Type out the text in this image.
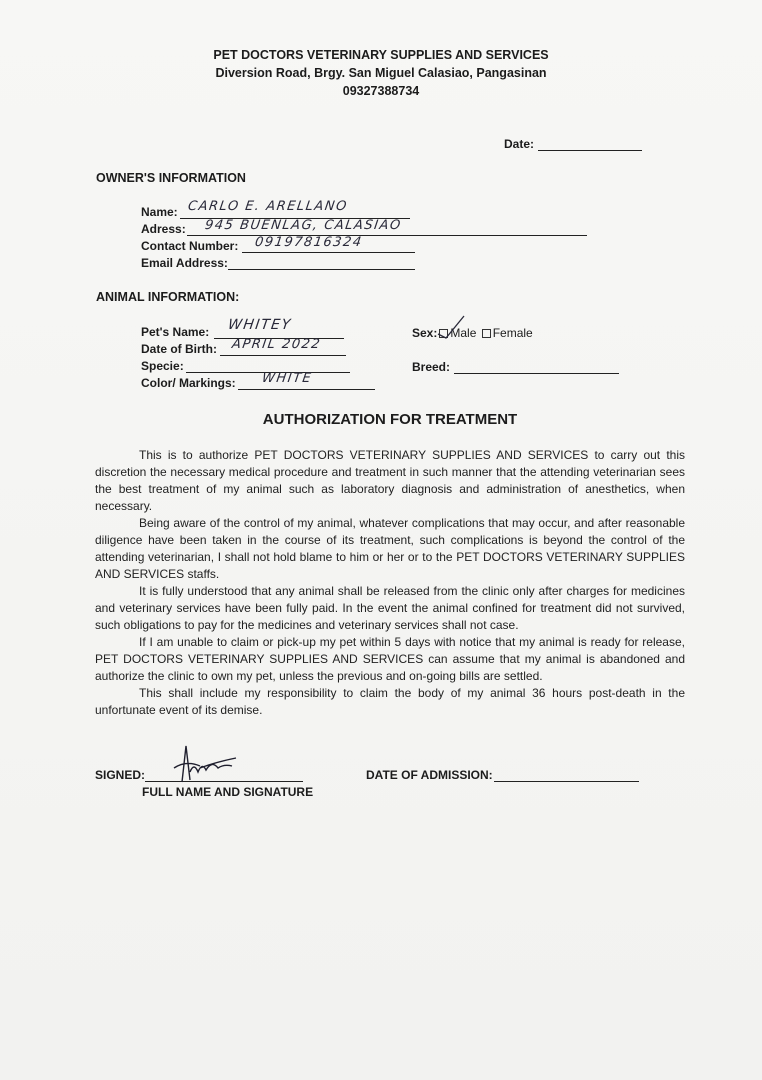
PET DOCTORS VETERINARY SUPPLIES AND SERVICES
Diversion Road, Brgy. San Miguel Calasiao, Pangasinan
09327388734
Date:
OWNER'S INFORMATION
Name: CARLO E. ARELLANO
Adress: 945 BUENLAG, CALASIAO
Contact Number: 09197816324
Email Address:
ANIMAL INFORMATION:
Pet's Name: WHITEY
Date of Birth: APRIL 2022
Specie:
Color/ Markings: WHITE
Sex: Male Female
Breed:
AUTHORIZATION FOR TREATMENT

This is to authorize PET DOCTORS VETERINARY SUPPLIES AND SERVICES to carry out this discretion the necessary medical procedure and treatment in such manner that the attending veterinarian sees the best treatment of my animal such as laboratory diagnosis and administration of anesthetics, when necessary.

Being aware of the control of my animal, whatever complications that may occur, and after reasonable diligence have been taken in the course of its treatment, such complications is beyond the control of the attending veterinarian, I shall not hold blame to him or her or to the PET DOCTORS VETERINARY SUPPLIES AND SERVICES staffs.

It is fully understood that any animal shall be released from the clinic only after charges for medicines and veterinary services have been fully paid. In the event the animal confined for treatment did not survived, such obligations to pay for the medicines and veterinary services shall not case.

If I am unable to claim or pick-up my pet within 5 days with notice that my animal is ready for release, PET DOCTORS VETERINARY SUPPLIES AND SERVICES can assume that my animal is abandoned and authorize the clinic to own my pet, unless the previous and on-going bills are settled.

This shall include my responsibility to claim the body of my animal 36 hours post-death in the unfortunate event of its demise.

SIGNED:
FULL NAME AND SIGNATURE
DATE OF ADMISSION:
